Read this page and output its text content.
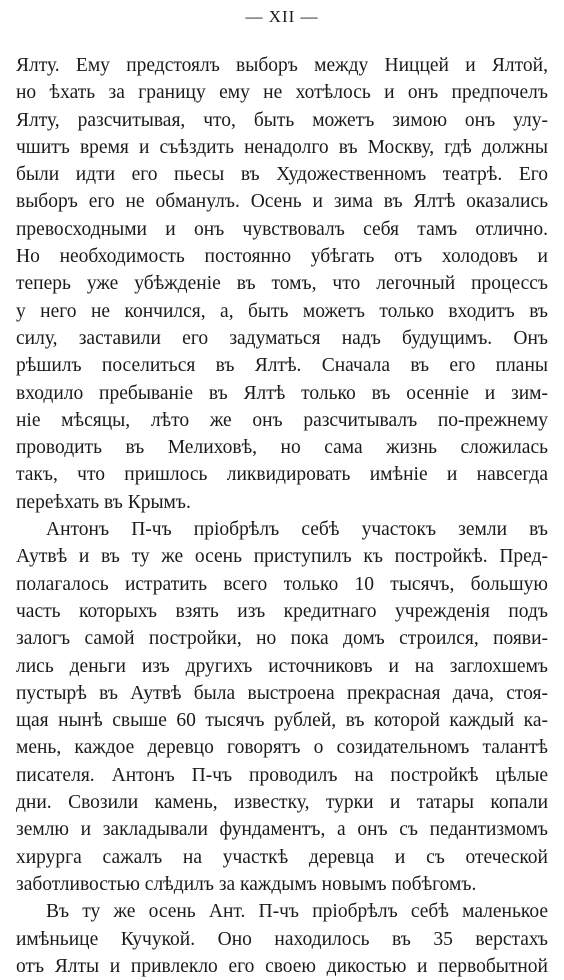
— XII —
Ялту. Ему предстоялъ выборъ между Ниццей и Ялтой,
но ѣхать за границу ему не хотѣлось и онъ предпочелъ
Ялту, разсчитывая, что, быть можетъ зимою онъ улу-
чшитъ время и съѣздить ненадолго въ Москву, гдѣ должны
были идти его пьесы въ Художественномъ театрѣ. Его
выборъ его не обманулъ. Осень и зима въ Ялтѣ оказались
превосходными и онъ чувствовалъ себя тамъ отлично.
Но необходимость постоянно убѣгать отъ холодовъ и
теперь уже убѣжденіе въ томъ, что легочный процессъ
у него не кончился, а, быть можетъ только входитъ въ
силу, заставили его задуматься надъ будущимъ. Онъ
рѣшилъ поселиться въ Ялтѣ. Сначала въ его планы
входило пребываніе въ Ялтѣ только въ осенніе и зим-
ніе мѣсяцы, лѣто же онъ разсчитывалъ по-прежнему
проводить въ Мелиховѣ, но сама жизнь сложилась
такъ, что пришлось ликвидировать имѣніе и навсегда
переѣхать въ Крымъ.
Антонъ П-чъ пріобрѣлъ себѣ участокъ земли въ
Аутвѣ и въ ту же осень приступилъ къ постройкѣ. Пред-
полагалось истратить всего только 10 тысячъ, большую
часть которыхъ взять изъ кредитнаго учрежденія подъ
залогъ самой постройки, но пока домъ строился, появи-
лись деньги изъ другихъ источниковъ и на заглохшемъ
пустырѣ въ Аутвѣ была выстроена прекрасная дача, стоя-
щая нынѣ свыше 60 тысячъ рублей, въ которой каждый ка-
мень, каждое деревцо говорятъ о созидательномъ талантѣ
писателя. Антонъ П-чъ проводилъ на постройкѣ цѣлые
дни. Свозили камень, известку, турки и татары копали
землю и закладывали фундаментъ, а онъ съ педантизмомъ
хирурга сажалъ на участкѣ деревца и съ отеческой
заботливостью слѣдилъ за каждымъ новымъ побѣгомъ.
Въ ту же осень Ант. П-чъ пріобрѣлъ себѣ маленькое
имѣньице Кучукой. Оно находилось въ 35 верстахъ
отъ Ялты и привлекло его своею дикостью и первобытной
